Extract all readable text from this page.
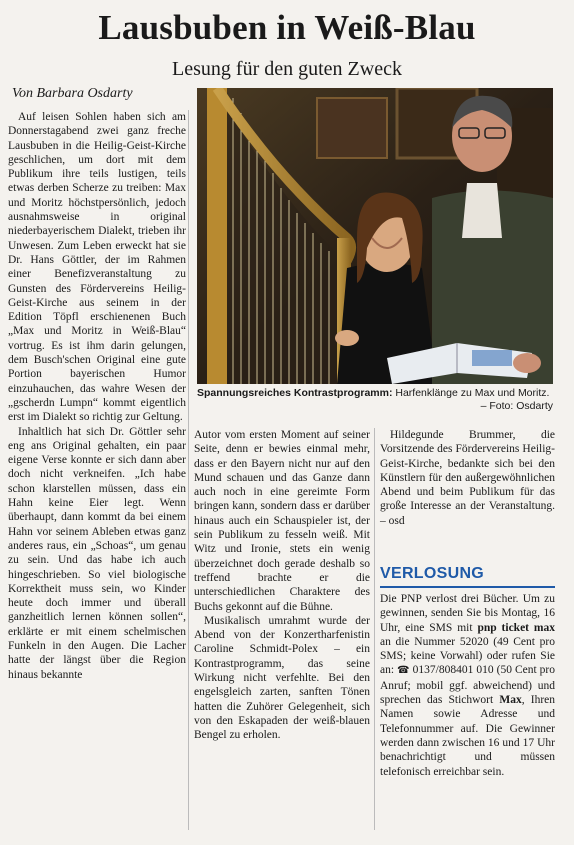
Lausbuben in Weiß-Blau
Lesung für den guten Zweck

Von Barbara Osdarty

Auf leisen Sohlen haben sich am Donnerstagabend zwei ganz freche Lausbuben in die Heilig-Geist-Kirche geschlichen, um dort mit dem Publikum ihre teils lustigen, teils etwas derben Scherze zu treiben: Max und Moritz höchstpersönlich, jedoch ausnahmsweise in original niederbayerischem Dialekt, trieben ihr Unwesen. Zum Leben erweckt hat sie Dr. Hans Göttler, der im Rahmen einer Benefizveranstaltung zu Gunsten des Fördervereins Heilig-Geist-Kirche aus seinem in der Edition Töpfl erschienenen Buch „Max und Moritz in Weiß-Blau“ vortrug. Es ist ihm darin gelungen, dem Busch'schen Original eine gute Portion bayerischen Humor einzuhauchen, das wahre Wesen der „gscherdn Lumpn“ kommt eigentlich erst im Dialekt so richtig zur Geltung.

Inhaltlich hat sich Dr. Göttler sehr eng ans Original gehalten, ein paar eigene Verse konnte er sich dann aber doch nicht verkneifen. „Ich habe schon klarstellen müssen, dass ein Hahn keine Eier legt. Wenn überhaupt, dann kommt da bei einem Hahn vor seinem Ableben etwas ganz anderes raus, ein „Schoas“, um genau zu sein. Und das habe ich auch hingeschrieben. So viel biologische Korrektheit muss sein, wo Kinder heute doch immer und überall ganzheitlich lernen können sollen“, erklärte er mit einem schelmischen Funkeln in den Augen. Die Lacher hatte der längst über die Region hinaus bekannte

Spannungsreiches Kontrastprogramm: Harfenklänge zu Max und Moritz.

– Foto: Osdarty

Autor vom ersten Moment auf seiner Seite, denn er bewies einmal mehr, dass er den Bayern nicht nur auf den Mund schauen und das Ganze dann auch noch in eine gereimte Form bringen kann, sondern dass er darüber hinaus auch ein Schauspieler ist, der sein Publikum zu fesseln weiß. Mit Witz und Ironie, stets ein wenig überzeichnet doch gerade deshalb so treffend brachte er die unterschiedlichen Charaktere des Buchs gekonnt auf die Bühne.

Musikalisch umrahmt wurde der Abend von der Konzertharfenistin Caroline Schmidt-Polex – ein Kontrastprogramm, das seine Wirkung nicht verfehlte. Bei den engelsgleich zarten, sanften Tönen hatten die Zuhörer Gelegenheit, sich von den Eskapaden der weiß-blauen Bengel zu erholen.

Hildegunde Brummer, die Vorsitzende des Fördervereins Heilig-Geist-Kirche, bedankte sich bei den Künstlern für den außergewöhnlichen Abend und beim Publikum für das große Interesse an der Veranstaltung. – osd

VERLOSUNG

Die PNP verlost drei Bücher. Um zu gewinnen, senden Sie bis Montag, 16 Uhr, eine SMS mit pnp ticket max an die Nummer 52020 (49 Cent pro SMS; keine Vorwahl) oder rufen Sie an: ☎ 0137/808401 010 (50 Cent pro Anruf; mobil ggf. abweichend) und sprechen das Stichwort Max, Ihren Namen sowie Adresse und Telefonnummer auf. Die Gewinner werden dann zwischen 16 und 17 Uhr benachrichtigt und müssen telefonisch erreichbar sein.
